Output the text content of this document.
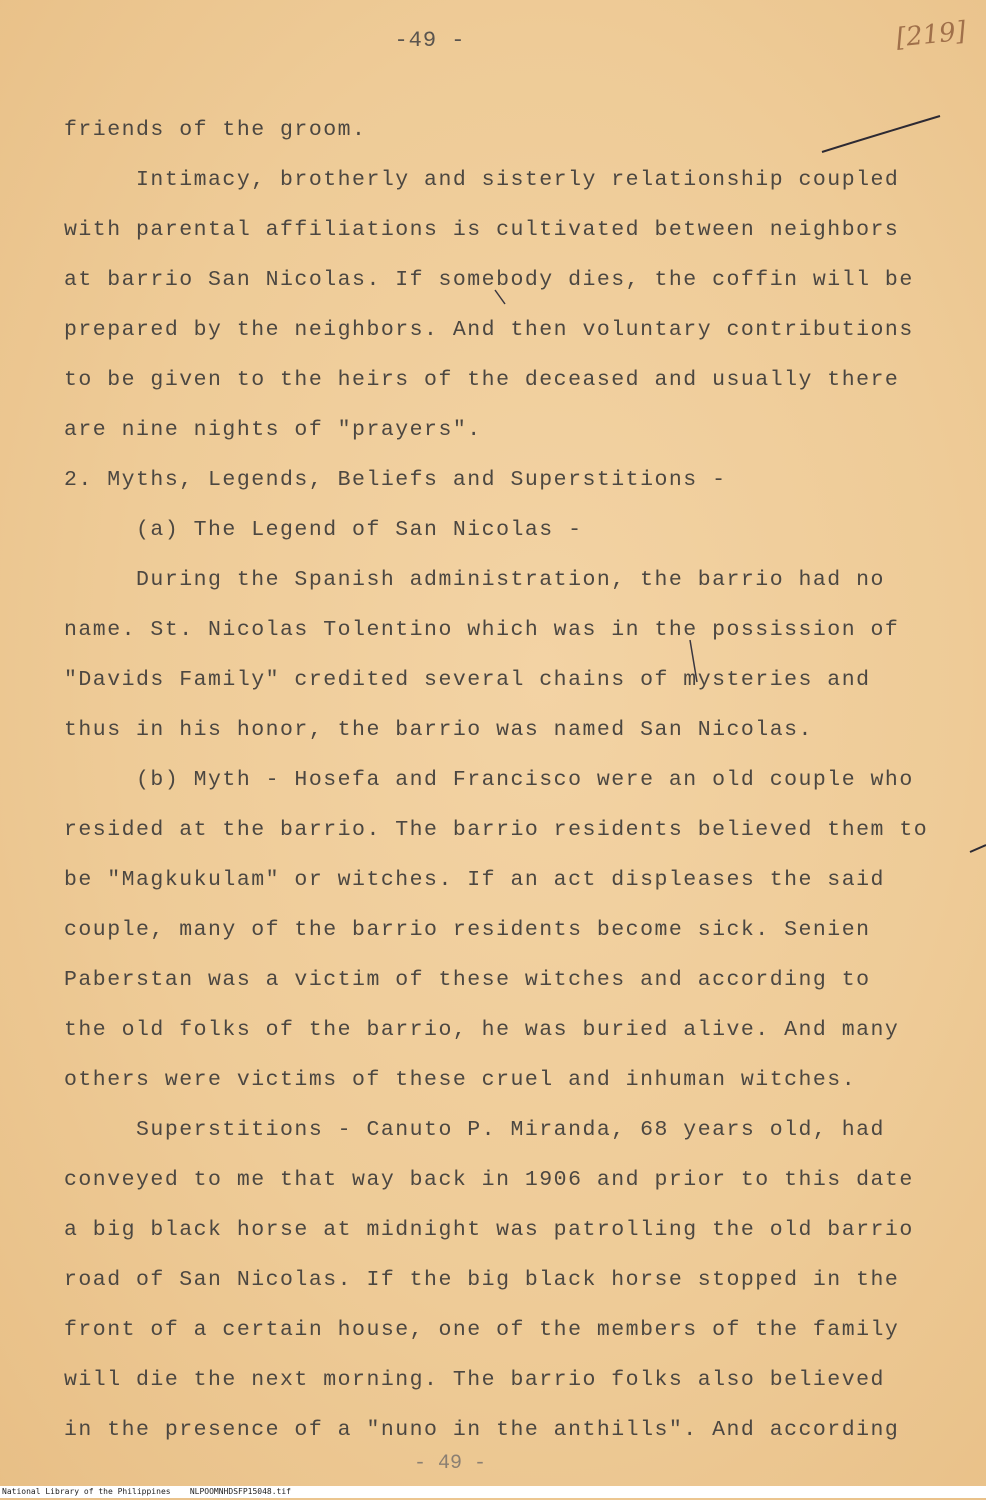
-49 -	[219]
friends of the groom.
Intimacy, brotherly and sisterly relationship coupled
with parental affiliations is cultivated between neighbors
at barrio San Nicolas. If somebody dies, the coffin will be
prepared by the neighbors. And then voluntary contributions
to be given to the heirs of the deceased and usually there
are nine nights of "prayers".
2. Myths, Legends, Beliefs and Superstitions -
(a) The Legend of San Nicolas -
During the Spanish administration, the barrio had no
name. St. Nicolas Tolentino which was in the possission of
"Davids Family" credited several chains of mysteries and
thus in his honor, the barrio was named San Nicolas.
(b) Myth - Hosefa and Francisco were an old couple who
resided at the barrio. The barrio residents believed them to
be "Magkukulam" or witches. If an act displeases the said
couple, many of the barrio residents become sick. Senien
Paberstan was a victim of these witches and according to
the old folks of the barrio, he was buried alive. And many
others were victims of these cruel and inhuman witches.
Superstitions - Canuto P. Miranda, 68 years old, had
conveyed to me that way back in 1906 and prior to this date
a big black horse at midnight was patrolling the old barrio
road of San Nicolas. If the big black horse stopped in the
front of a certain house, one of the members of the family
will die the next morning. The barrio folks also believed
in the presence of a "nuno in the anthills". And according
- 49 -
National Library of the Philippines NLPOOMNHDSFP15048.tif
